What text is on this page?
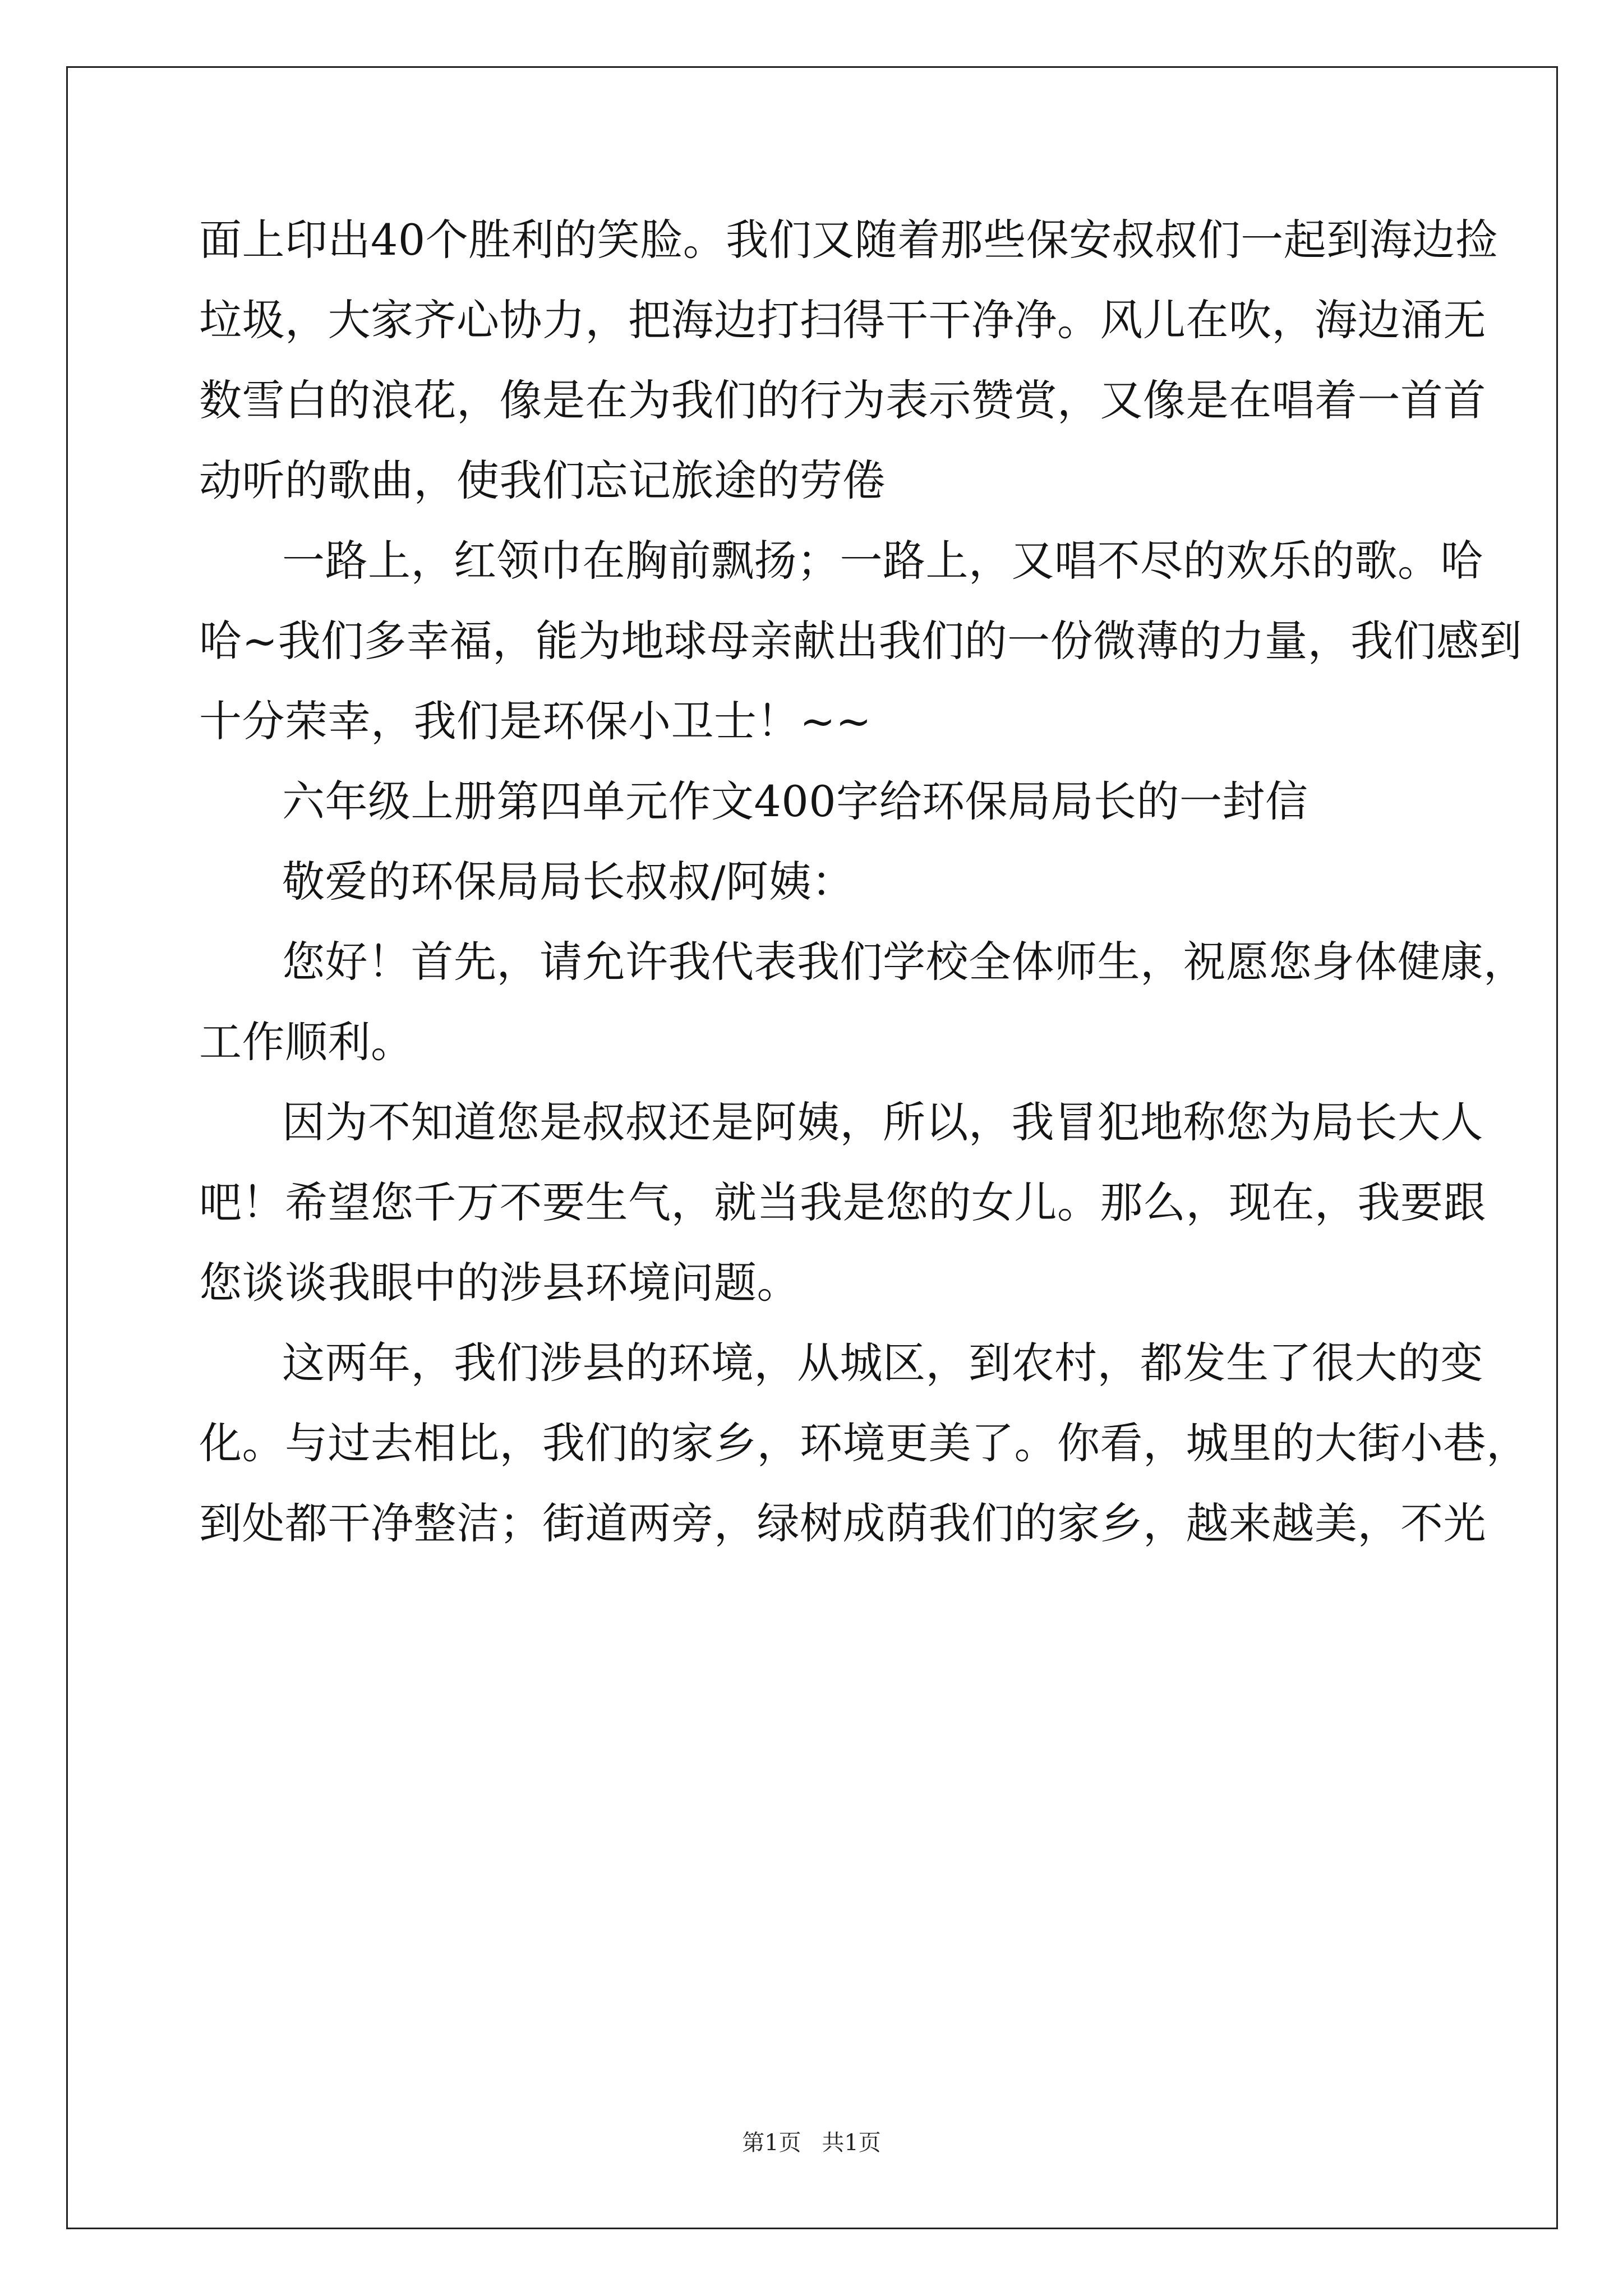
面上印出40个胜利的笑脸。我们又随着那些保安叔叔们一起到海边捡
垃圾，大家齐心协力，把海边打扫得干干净净。风儿在吹，海边涌无
数雪白的浪花，像是在为我们的行为表示赞赏，又像是在唱着一首首
动听的歌曲，使我们忘记旅途的劳倦
一路上，红领巾在胸前飘扬；一路上，又唱不尽的欢乐的歌。哈
哈~我们多幸福，能为地球母亲献出我们的一份微薄的力量，我们感到
十分荣幸，我们是环保小卫士！~~
六年级上册第四单元作文400字给环保局局长的一封信
敬爱的环保局局长叔叔/阿姨：
您好！首先，请允许我代表我们学校全体师生，祝愿您身体健康，
工作顺利。
因为不知道您是叔叔还是阿姨，所以，我冒犯地称您为局长大人
吧！希望您千万不要生气，就当我是您的女儿。那么，现在，我要跟
您谈谈我眼中的涉县环境问题。
这两年，我们涉县的环境，从城区，到农村，都发生了很大的变
化。与过去相比，我们的家乡，环境更美了。你看，城里的大街小巷，
到处都干净整洁；街道两旁，绿树成荫我们的家乡，越来越美，不光
第1页 共1页
